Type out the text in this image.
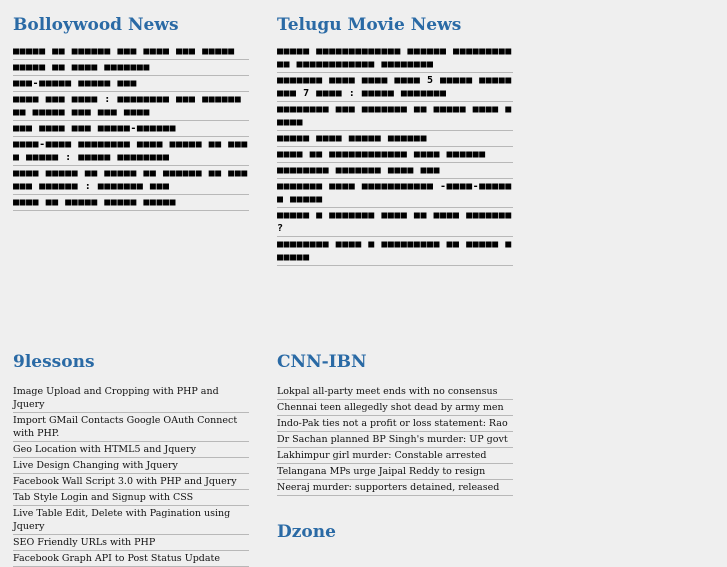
Bolloywood News
■■■■■ ■■ ■■■■■■ ■■■ ■■■■ ■■■ ■■■■■
■■■■■ ■■ ■■■■ ■■■■■■■
■■■-■■■■■ ■■■■■ ■■■
■■■■ ■■■ ■■■■ : ■■■■■■■■ ■■■ ■■■■■■ ■■ ■■■■■ ■■■ ■■■ ■■■■
■■■ ■■■■ ■■■ ■■■■■-■■■■■■
■■■■-■■■■ ■■■■■■■■ ■■■■ ■■■■■ ■■ ■■■■ ■■■■■ : ■■■■■ ■■■■■■■■
■■■■ ■■■■■ ■■ ■■■■■ ■■ ■■■■■■ ■■ ■■■■■■ ■■■■■■ : ■■■■■■■ ■■■
■■■■ ■■ ■■■■■ ■■■■■ ■■■■■
Telugu Movie News
■■■■■ ■■■■■■■■■■■■■ ■■■■■■ ■■■■■■■■■■■ ■■■■■■■■■■■■ ■■■■■■■■
■■■■■■■ ■■■■ ■■■■ ■■■■ 5 ■■■■■ ■■■■■■■■ 7 ■■■■ : ■■■■■ ■■■■■■■
■■■■■■■■ ■■■ ■■■■■■■ ■■ ■■■■■ ■■■■ ■■■■■
■■■■■ ■■■■ ■■■■■ ■■■■■■
■■■■ ■■ ■■■■■■■■■■■■ ■■■■ ■■■■■■
■■■■■■■■ ■■■■■■■ ■■■■ ■■■
■■■■■■■ ■■■■ ■■■■■■■■■■■ -■■■■-■■■■■■ ■■■■■
■■■■■ ■ ■■■■■■■ ■■■■ ■■ ■■■■ ■■■■■■■ ?
■■■■■■■■ ■■■■ ■ ■■■■■■■■■ ■■ ■■■■■ ■■■■■■
9lessons
Image Upload and Cropping with PHP and Jquery
Import GMail Contacts Google OAuth Connect with PHP.
Geo Location with HTML5 and Jquery
Live Design Changing with Jquery
Facebook Wall Script 3.0 with PHP and Jquery
Tab Style Login and Signup with CSS
Live Table Edit, Delete with Pagination using Jquery
SEO Friendly URLs with PHP
Facebook Graph API to Post Status Update
CNN-IBN
Lokpal all-party meet ends with no consensus
Chennai teen allegedly shot dead by army men
Indo-Pak ties not a profit or loss statement: Rao
Dr Sachan planned BP Singh's murder: UP govt
Lakhimpur girl murder: Constable arrested
Telangana MPs urge Jaipal Reddy to resign
Neeraj murder: supporters detained, released
Dzone
